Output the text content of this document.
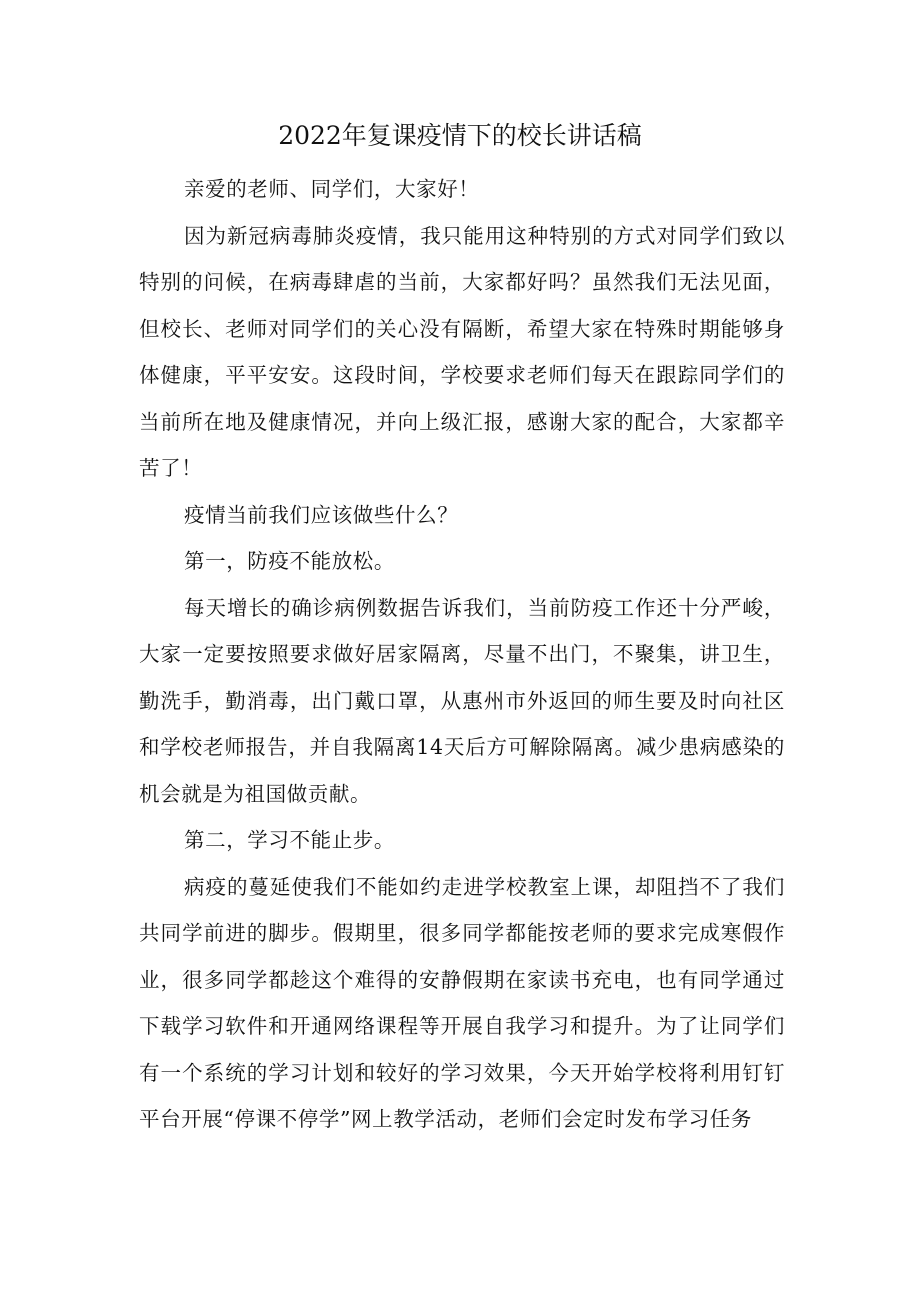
2022年复课疫情下的校长讲话稿

亲爱的老师、同学们，大家好！

因为新冠病毒肺炎疫情，我只能用这种特别的方式对同学们致以特别的问候，在病毒肆虐的当前，大家都好吗？虽然我们无法见面，但校长、老师对同学们的关心没有隔断，希望大家在特殊时期能够身体健康，平平安安。这段时间，学校要求老师们每天在跟踪同学们的当前所在地及健康情况，并向上级汇报，感谢大家的配合，大家都辛苦了！

疫情当前我们应该做些什么？

第一，防疫不能放松。

每天增长的确诊病例数据告诉我们，当前防疫工作还十分严峻，大家一定要按照要求做好居家隔离，尽量不出门，不聚集，讲卫生，勤洗手，勤消毒，出门戴口罩，从惠州市外返回的师生要及时向社区和学校老师报告，并自我隔离14天后方可解除隔离。减少患病感染的机会就是为祖国做贡献。

第二，学习不能止步。

病疫的蔓延使我们不能如约走进学校教室上课，却阻挡不了我们共同学前进的脚步。假期里，很多同学都能按老师的要求完成寒假作业，很多同学都趁这个难得的安静假期在家读书充电，也有同学通过下载学习软件和开通网络课程等开展自我学习和提升。为了让同学们有一个系统的学习计划和较好的学习效果，今天开始学校将利用钉钉平台开展“停课不停学”网上教学活动，老师们会定时发布学习任务
